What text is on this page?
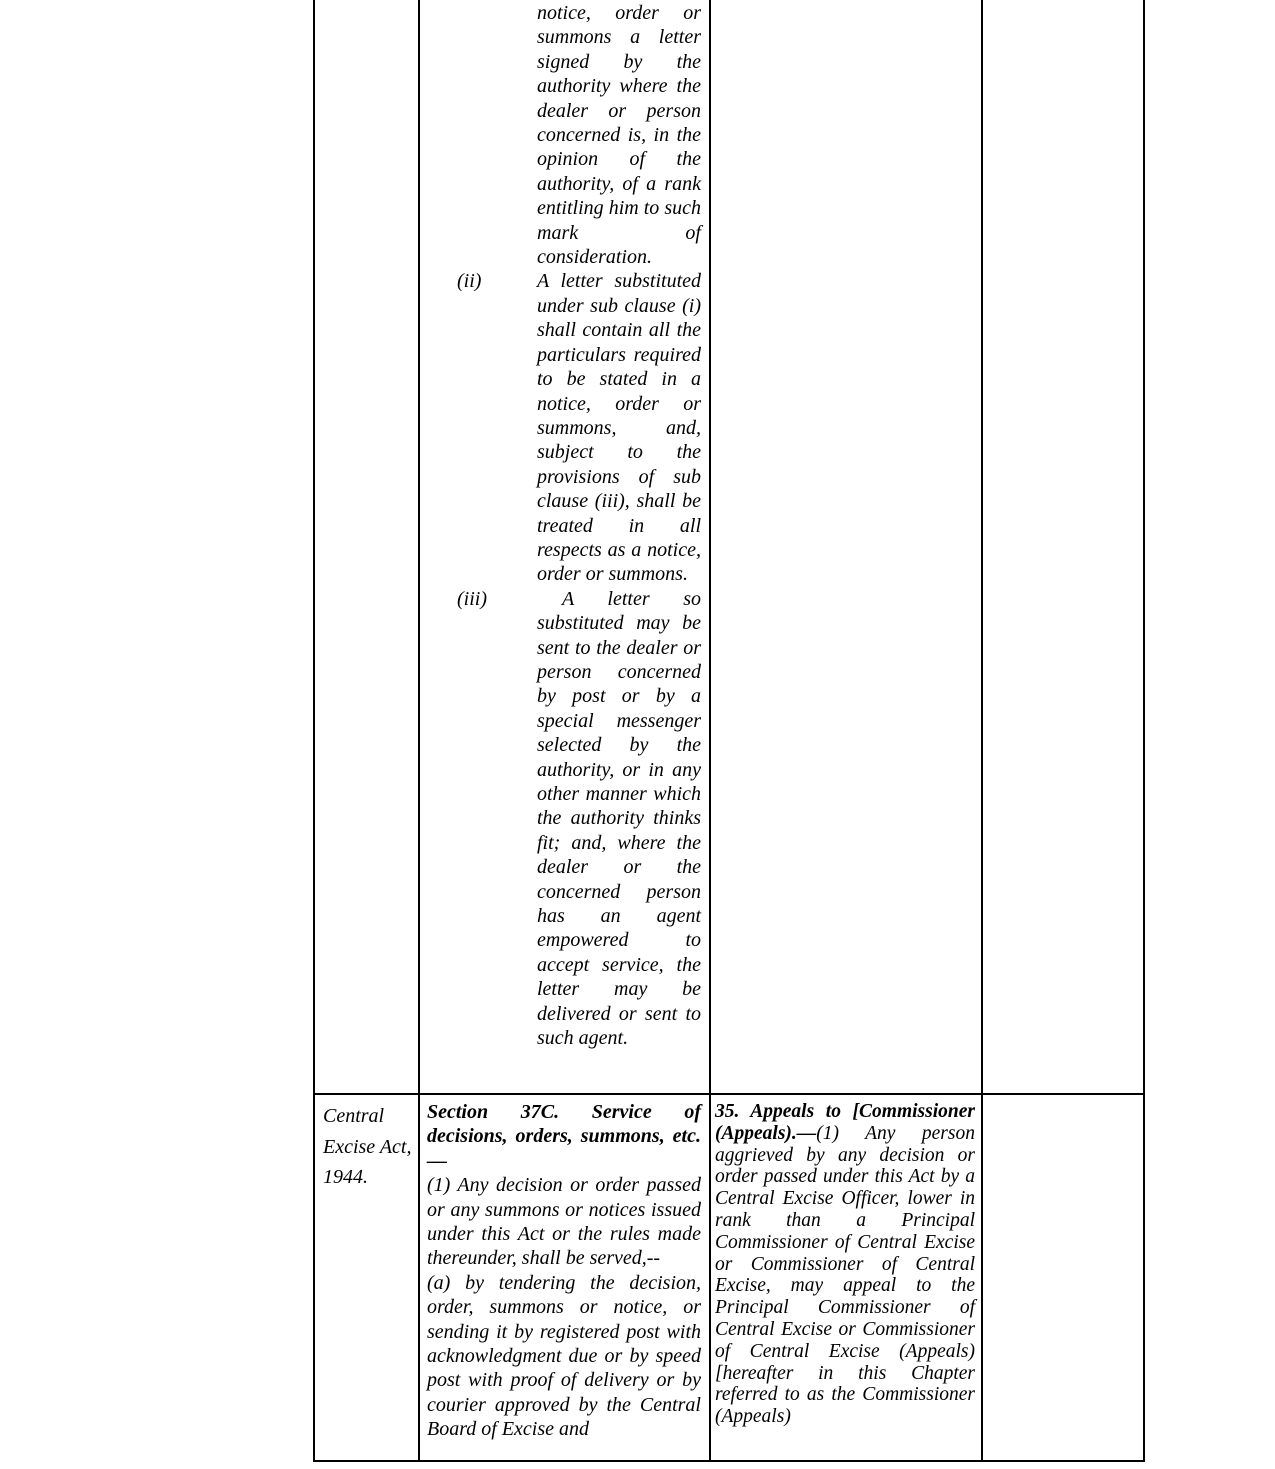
notice, order or summons a letter signed by the authority where the dealer or person concerned is, in the opinion of the authority, of a rank entitling him to such mark of consideration.

(ii)	A letter substituted under sub clause (i) shall contain all the particulars required to be stated in a notice, order or summons, and, subject to the provisions of sub clause (iii), shall be treated in all respects as a notice, order or summons.

(iii)	A letter so substituted may be sent to the dealer or person concerned by post or by a special messenger selected by the authority, or in any other manner which the authority thinks fit; and, where the dealer or the concerned person has an agent empowered to accept service, the letter may be delivered or sent to such agent.

Central Excise Act, 1944.

Section 37C. Service of decisions, orders, summons, etc. —

(1) Any decision or order passed or any summons or notices issued under this Act or the rules made thereunder, shall be served,--

(a) by tendering the decision, order, summons or notice, or sending it by registered post with acknowledgment due or by speed post with proof of delivery or by courier approved by the Central Board of Excise and

35. Appeals to [Commissioner (Appeals).—(1) Any person aggrieved by any decision or order passed under this Act by a Central Excise Officer, lower in rank than a Principal Commissioner of Central Excise or Commissioner of Central Excise, may appeal to the Principal Commissioner of Central Excise or Commissioner of Central Excise (Appeals) [hereafter in this Chapter referred to as the Commissioner (Appeals)
